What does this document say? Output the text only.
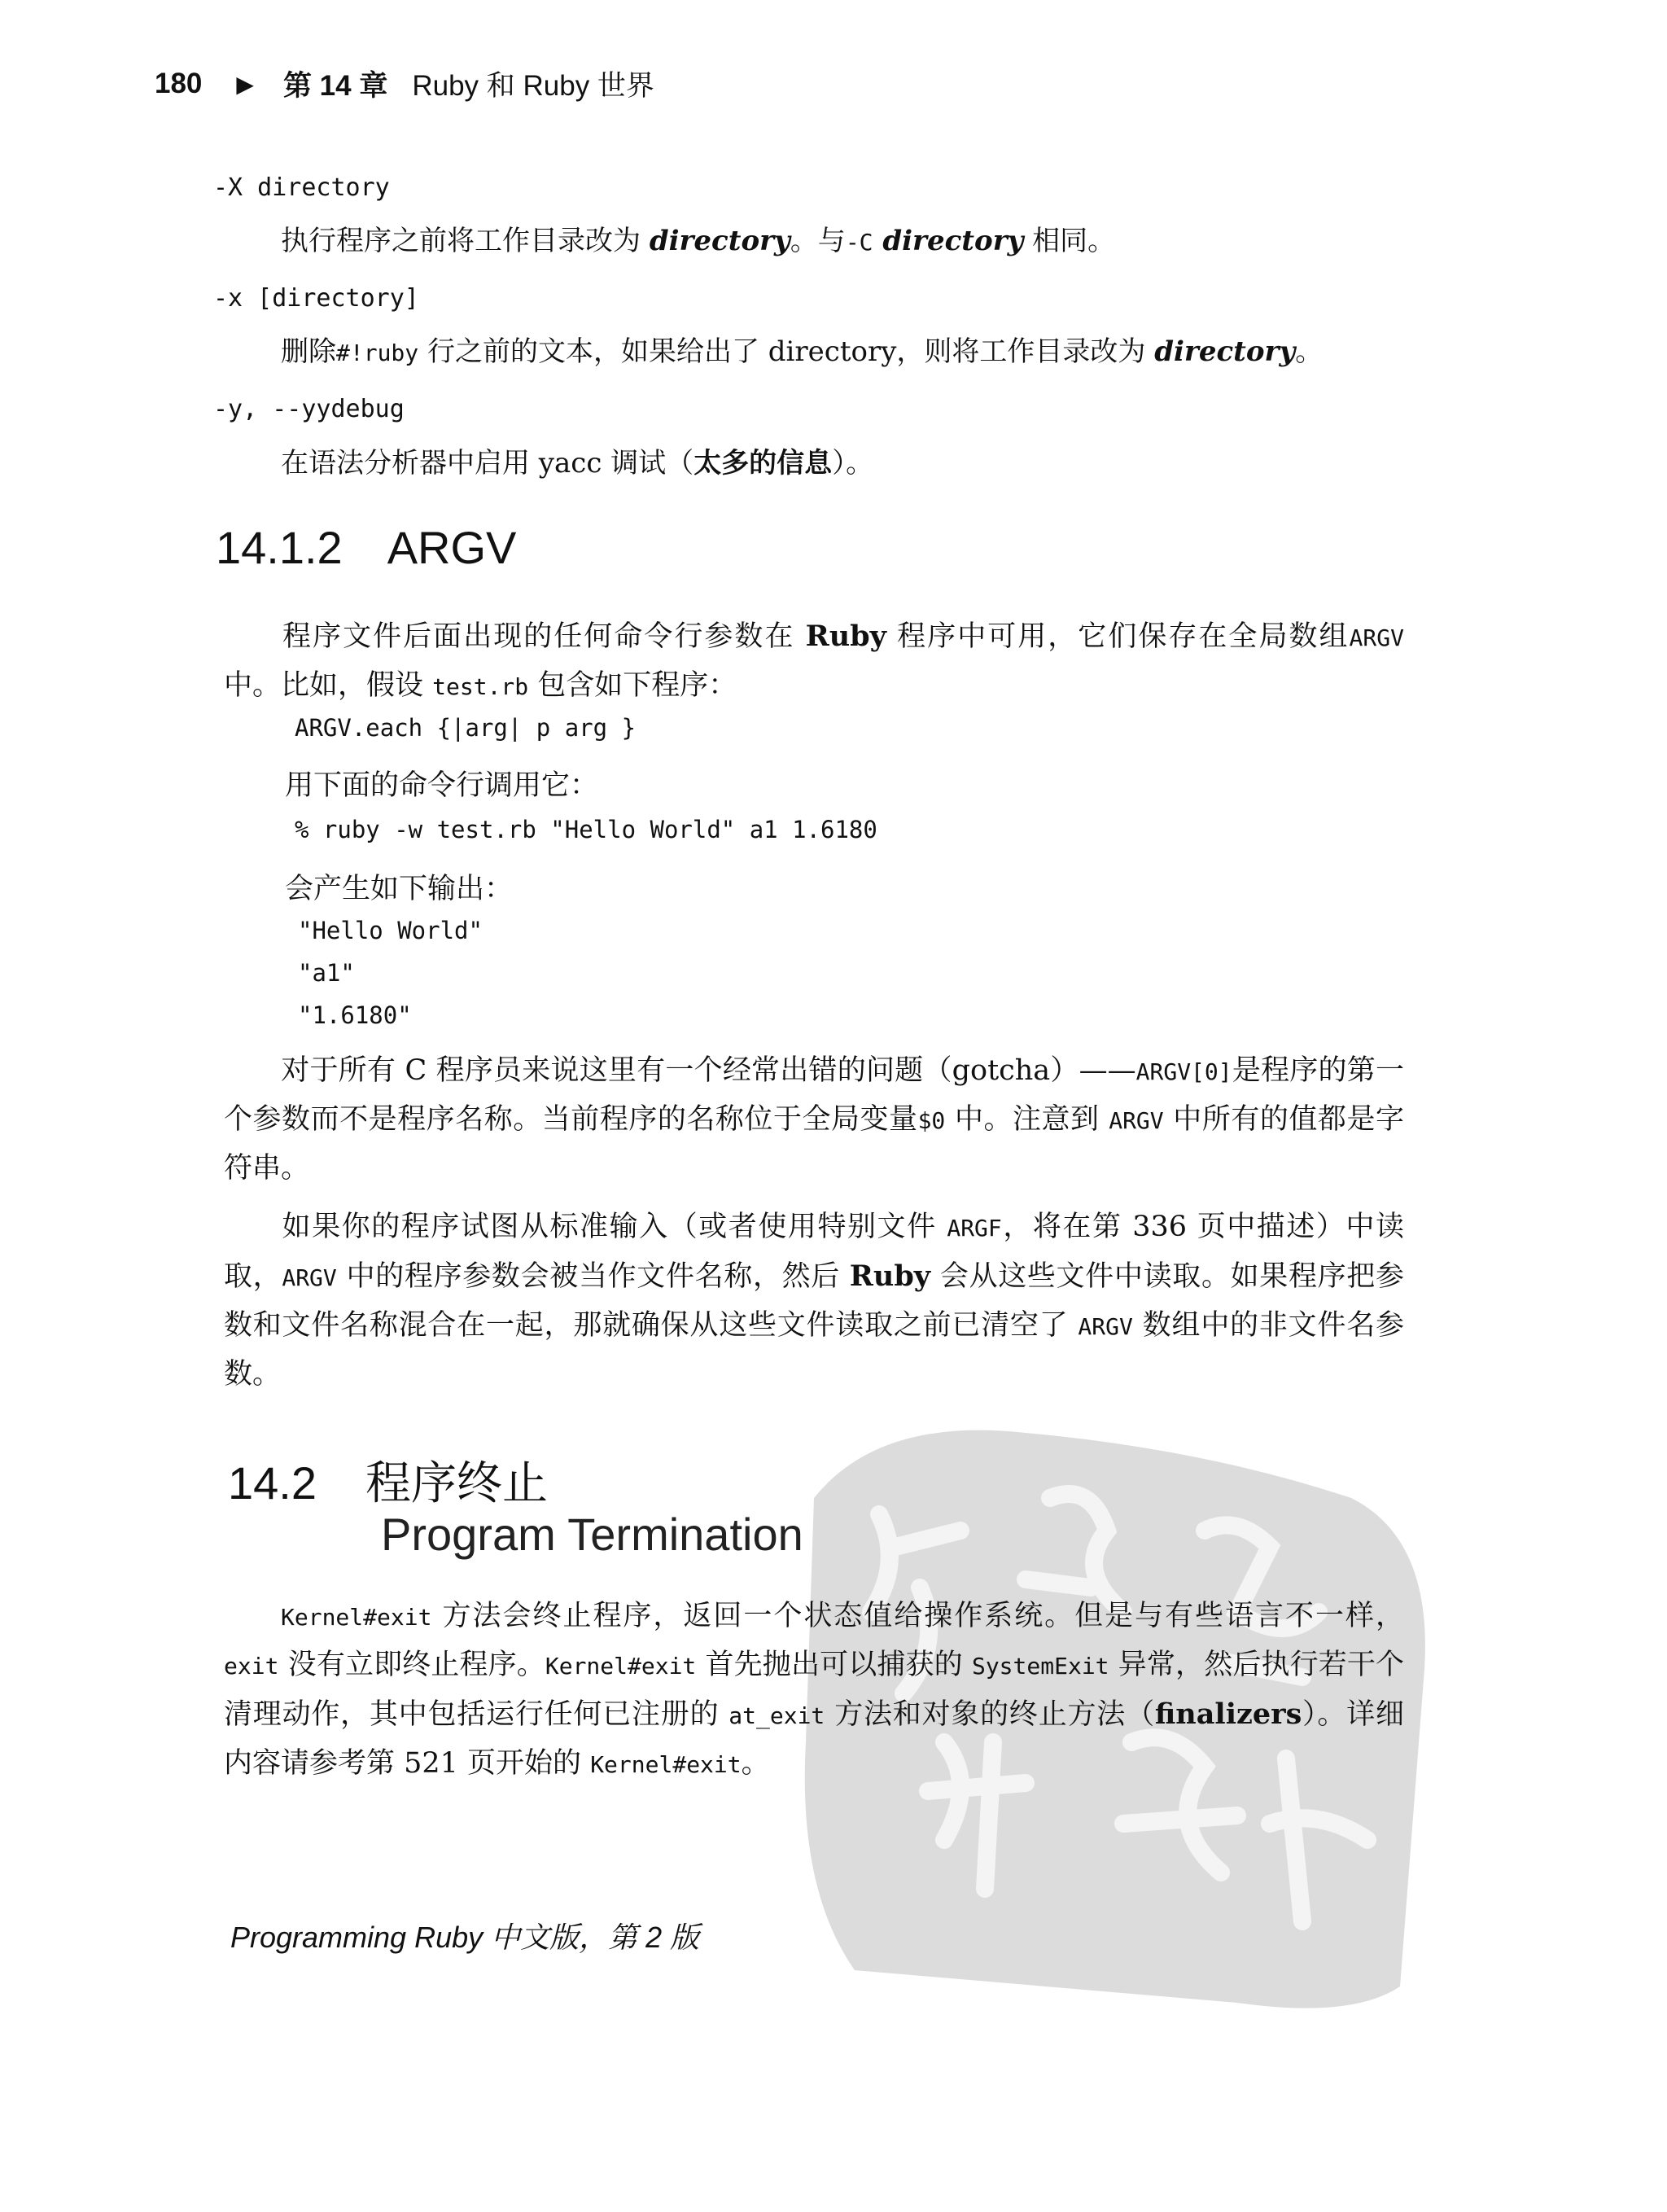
180 ▶ 第 14 章 Ruby 和 Ruby 世界
-X directory
执行程序之前将工作目录改为 directory。与-C directory 相同。
-x [directory]
删除#!ruby 行之前的文本，如果给出了 directory，则将工作目录改为 directory。
-y, --yydebug
在语法分析器中启用 yacc 调试（太多的信息）。
14.1.2 ARGV
程序文件后面出现的任何命令行参数在 Ruby 程序中可用，它们保存在全局数组ARGV 中。比如，假设 test.rb 包含如下程序：
ARGV.each {|arg| p arg }
用下面的命令行调用它：
% ruby -w test.rb "Hello World" a1 1.6180
会产生如下输出：
"Hello World"
"a1"
"1.6180"
对于所有 C 程序员来说这里有一个经常出错的问题（gotcha）——ARGV[0]是程序的第一个参数而不是程序名称。当前程序的名称位于全局变量$0 中。注意到 ARGV 中所有的值都是字符串。
如果你的程序试图从标准输入（或者使用特别文件 ARGF，将在第 336 页中描述）中读取，ARGV 中的程序参数会被当作文件名称，然后 Ruby 会从这些文件中读取。如果程序把参数和文件名称混合在一起，那就确保从这些文件读取之前已清空了 ARGV 数组中的非文件名参数。
14.2 程序终止
Program Termination
Kernel#exit 方法会终止程序，返回一个状态值给操作系统。但是与有些语言不一样，exit 没有立即终止程序。Kernel#exit 首先抛出可以捕获的 SystemExit 异常，然后执行若干个清理动作，其中包括运行任何已注册的 at_exit 方法和对象的终止方法（finalizers）。详细内容请参考第 521 页开始的 Kernel#exit。
Programming Ruby 中文版，第 2 版
